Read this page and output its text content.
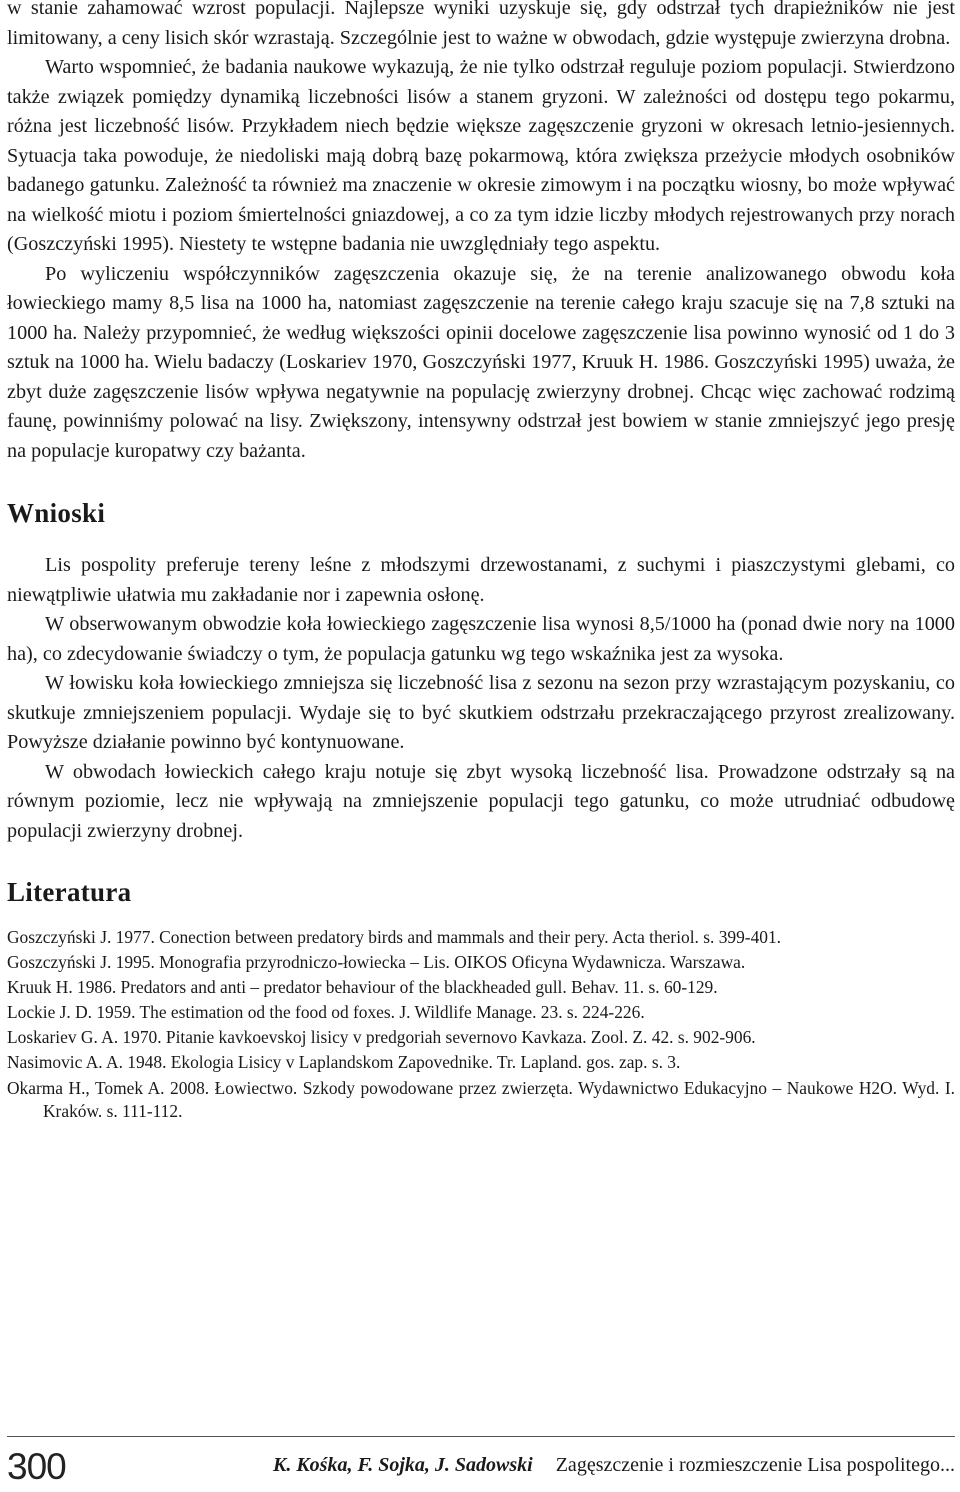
w stanie zahamować wzrost populacji. Najlepsze wyniki uzyskuje się, gdy odstrzał tych drapieżników nie jest limitowany, a ceny lisich skór wzrastają. Szczególnie jest to ważne w obwodach, gdzie występuje zwierzyna drobna.

Warto wspomnieć, że badania naukowe wykazują, że nie tylko odstrzał reguluje poziom populacji. Stwierdzono także związek pomiędzy dynamiką liczebności lisów a stanem gryzoni. W zależności od dostępu tego pokarmu, różna jest liczebność lisów. Przykładem niech będzie większe zagęszczenie gryzoni w okresach letnio-jesiennych. Sytuacja taka powoduje, że niedoliski mają dobrą bazę pokarmową, która zwiększa przeżycie młodych osobników badanego gatunku. Zależność ta również ma znaczenie w okresie zimowym i na początku wiosny, bo może wpływać na wielkość miotu i poziom śmiertelności gniazdowej, a co za tym idzie liczby młodych rejestrowanych przy norach (Goszczyński 1995). Niestety te wstępne badania nie uwzględniały tego aspektu.

Po wyliczeniu współczynników zagęszczenia okazuje się, że na terenie analizowanego obwodu koła łowieckiego mamy 8,5 lisa na 1000 ha, natomiast zagęszczenie na terenie całego kraju szacuje się na 7,8 sztuki na 1000 ha. Należy przypomnieć, że według większości opinii docelowe zagęszczenie lisa powinno wynosić od 1 do 3 sztuk na 1000 ha. Wielu badaczy (Loskariev 1970, Goszczyński 1977, Kruuk H. 1986. Goszczyński 1995) uważa, że zbyt duże zagęszczenie lisów wpływa negatywnie na populację zwierzyny drobnej. Chcąc więc zachować rodzimą faunę, powinniśmy polować na lisy. Zwiększony, intensywny odstrzał jest bowiem w stanie zmniejszyć jego presję na populacje kuropatwy czy bażanta.

Wnioski

Lis pospolity preferuje tereny leśne z młodszymi drzewostanami, z suchymi i piaszczystymi glebami, co niewątpliwie ułatwia mu zakładanie nor i zapewnia osłonę.

W obserwowanym obwodzie koła łowieckiego zagęszczenie lisa wynosi 8,5/1000 ha (ponad dwie nory na 1000 ha), co zdecydowanie świadczy o tym, że populacja gatunku wg tego wskaźnika jest za wysoka.

W łowisku koła łowieckiego zmniejsza się liczebność lisa z sezonu na sezon przy wzrastającym pozyskaniu, co skutkuje zmniejszeniem populacji. Wydaje się to być skutkiem odstrzału przekraczającego przyrost zrealizowany. Powyższe działanie powinno być kontynuowane.

W obwodach łowieckich całego kraju notuje się zbyt wysoką liczebność lisa. Prowadzone odstrzały są na równym poziomie, lecz nie wpływają na zmniejszenie populacji tego gatunku, co może utrudniać odbudowę populacji zwierzyny drobnej.

Literatura
Goszczyński J. 1977. Conection between predatory birds and mammals and their pery. Acta theriol. s. 399-401.
Goszczyński J. 1995. Monografia przyrodniczo-łowiecka – Lis. OIKOS Oficyna Wydawnicza. Warszawa.
Kruuk H. 1986. Predators and anti – predator behaviour of the blackheaded gull. Behav. 11. s. 60-129.
Lockie J. D. 1959. The estimation od the food od foxes. J. Wildlife Manage. 23. s. 224-226.
Loskariev G. A. 1970. Pitanie kavkoevskoj lisicy v predgoriah severnovo Kavkaza. Zool. Z. 42. s. 902-906.
Nasimovic A. A. 1948. Ekologia Lisicy v Laplandskom Zapovednike. Tr. Lapland. gos. zap. s. 3.
Okarma H., Tomek A. 2008. Łowiectwo. Szkody powodowane przez zwierzęta. Wydawnictwo Edukacyjno – Naukowe H2O. Wyd. I. Kraków. s. 111-112.
300	K. Kośka, F. Sojka, J. Sadowski Zagęszczenie i rozmieszczenie Lisa pospolitego...
